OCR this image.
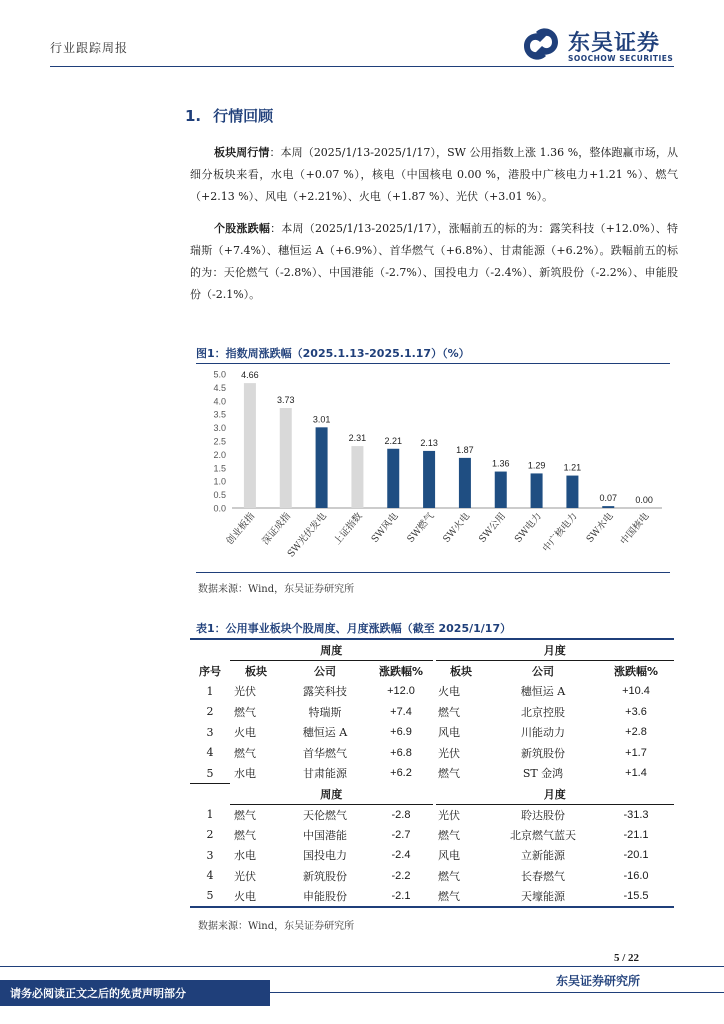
行业跟踪周报	东吴证券
SOOCHOW SECURITIES
1. 行情回顾
板块周行情：本周（2025/1/13-2025/1/17），SW 公用指数上涨 1.36 %，整体跑赢市场，从细分板块来看，水电（+0.07 %），核电（中国核电 0.00 %，港股中广核电力+1.21 %）、燃气（+2.13 %）、风电（+2.21%）、火电（+1.87 %）、光伏（+3.01 %）。
个股涨跌幅：本周（2025/1/13-2025/1/17），涨幅前五的标的为：露笑科技（+12.0%）、特瑞斯（+7.4%）、穗恒运 A（+6.9%）、首华燃气（+6.8%）、甘肃能源（+6.2%）。跌幅前五的标的为：天伦燃气（-2.8%）、中国港能（-2.7%）、国投电力（-2.4%）、新筑股份（-2.2%）、申能股份（-2.1%）。
图1：指数周涨跌幅（2025.1.13-2025.1.17）（%）
0.0
0.5
1.0
1.5
2.0
2.5
3.0
3.5
4.0
4.5
5.0 4.66
创业板指
3.73
深证成指
3.01
SW光伏发电
2.31
上证指数
2.21
SW风电
2.13
SW燃气
1.87
SW火电
1.36
SW公用
1.29
SW电力
1.21
中广核电力
0.07
SW水电
0.00
中国核电
数据来源：Wind，东吴证券研究所
表1：公用事业板块个股周度、月度涨跌幅（截至 2025/1/17）
	周度			月度		
序号	板块	公司	涨跌幅%	板块	公司	涨跌幅%
1	光伏	露笑科技	+12.0	火电	穗恒运 A	+10.4
2	燃气	特瑞斯	+7.4	燃气	北京控股	+3.6
3	火电	穗恒运 A	+6.9	风电	川能动力	+2.8
4	燃气	首华燃气	+6.8	光伏	新筑股份	+1.7
5	水电	甘肃能源	+6.2	燃气	ST 金鸿	+1.4
	周度			月度		
1	燃气	天伦燃气	-2.8	光伏	聆达股份	-31.3
2	燃气	中国港能	-2.7	燃气	北京燃气蓝天	-21.1
3	水电	国投电力	-2.4	风电	立新能源	-20.1
4	光伏	新筑股份	-2.2	燃气	长春燃气	-16.0
5	火电	申能股份	-2.1	燃气	天壕能源	-15.5
数据来源：Wind，东吴证券研究所
5 / 22
请务必阅读正文之后的免责声明部分
东吴证券研究所
